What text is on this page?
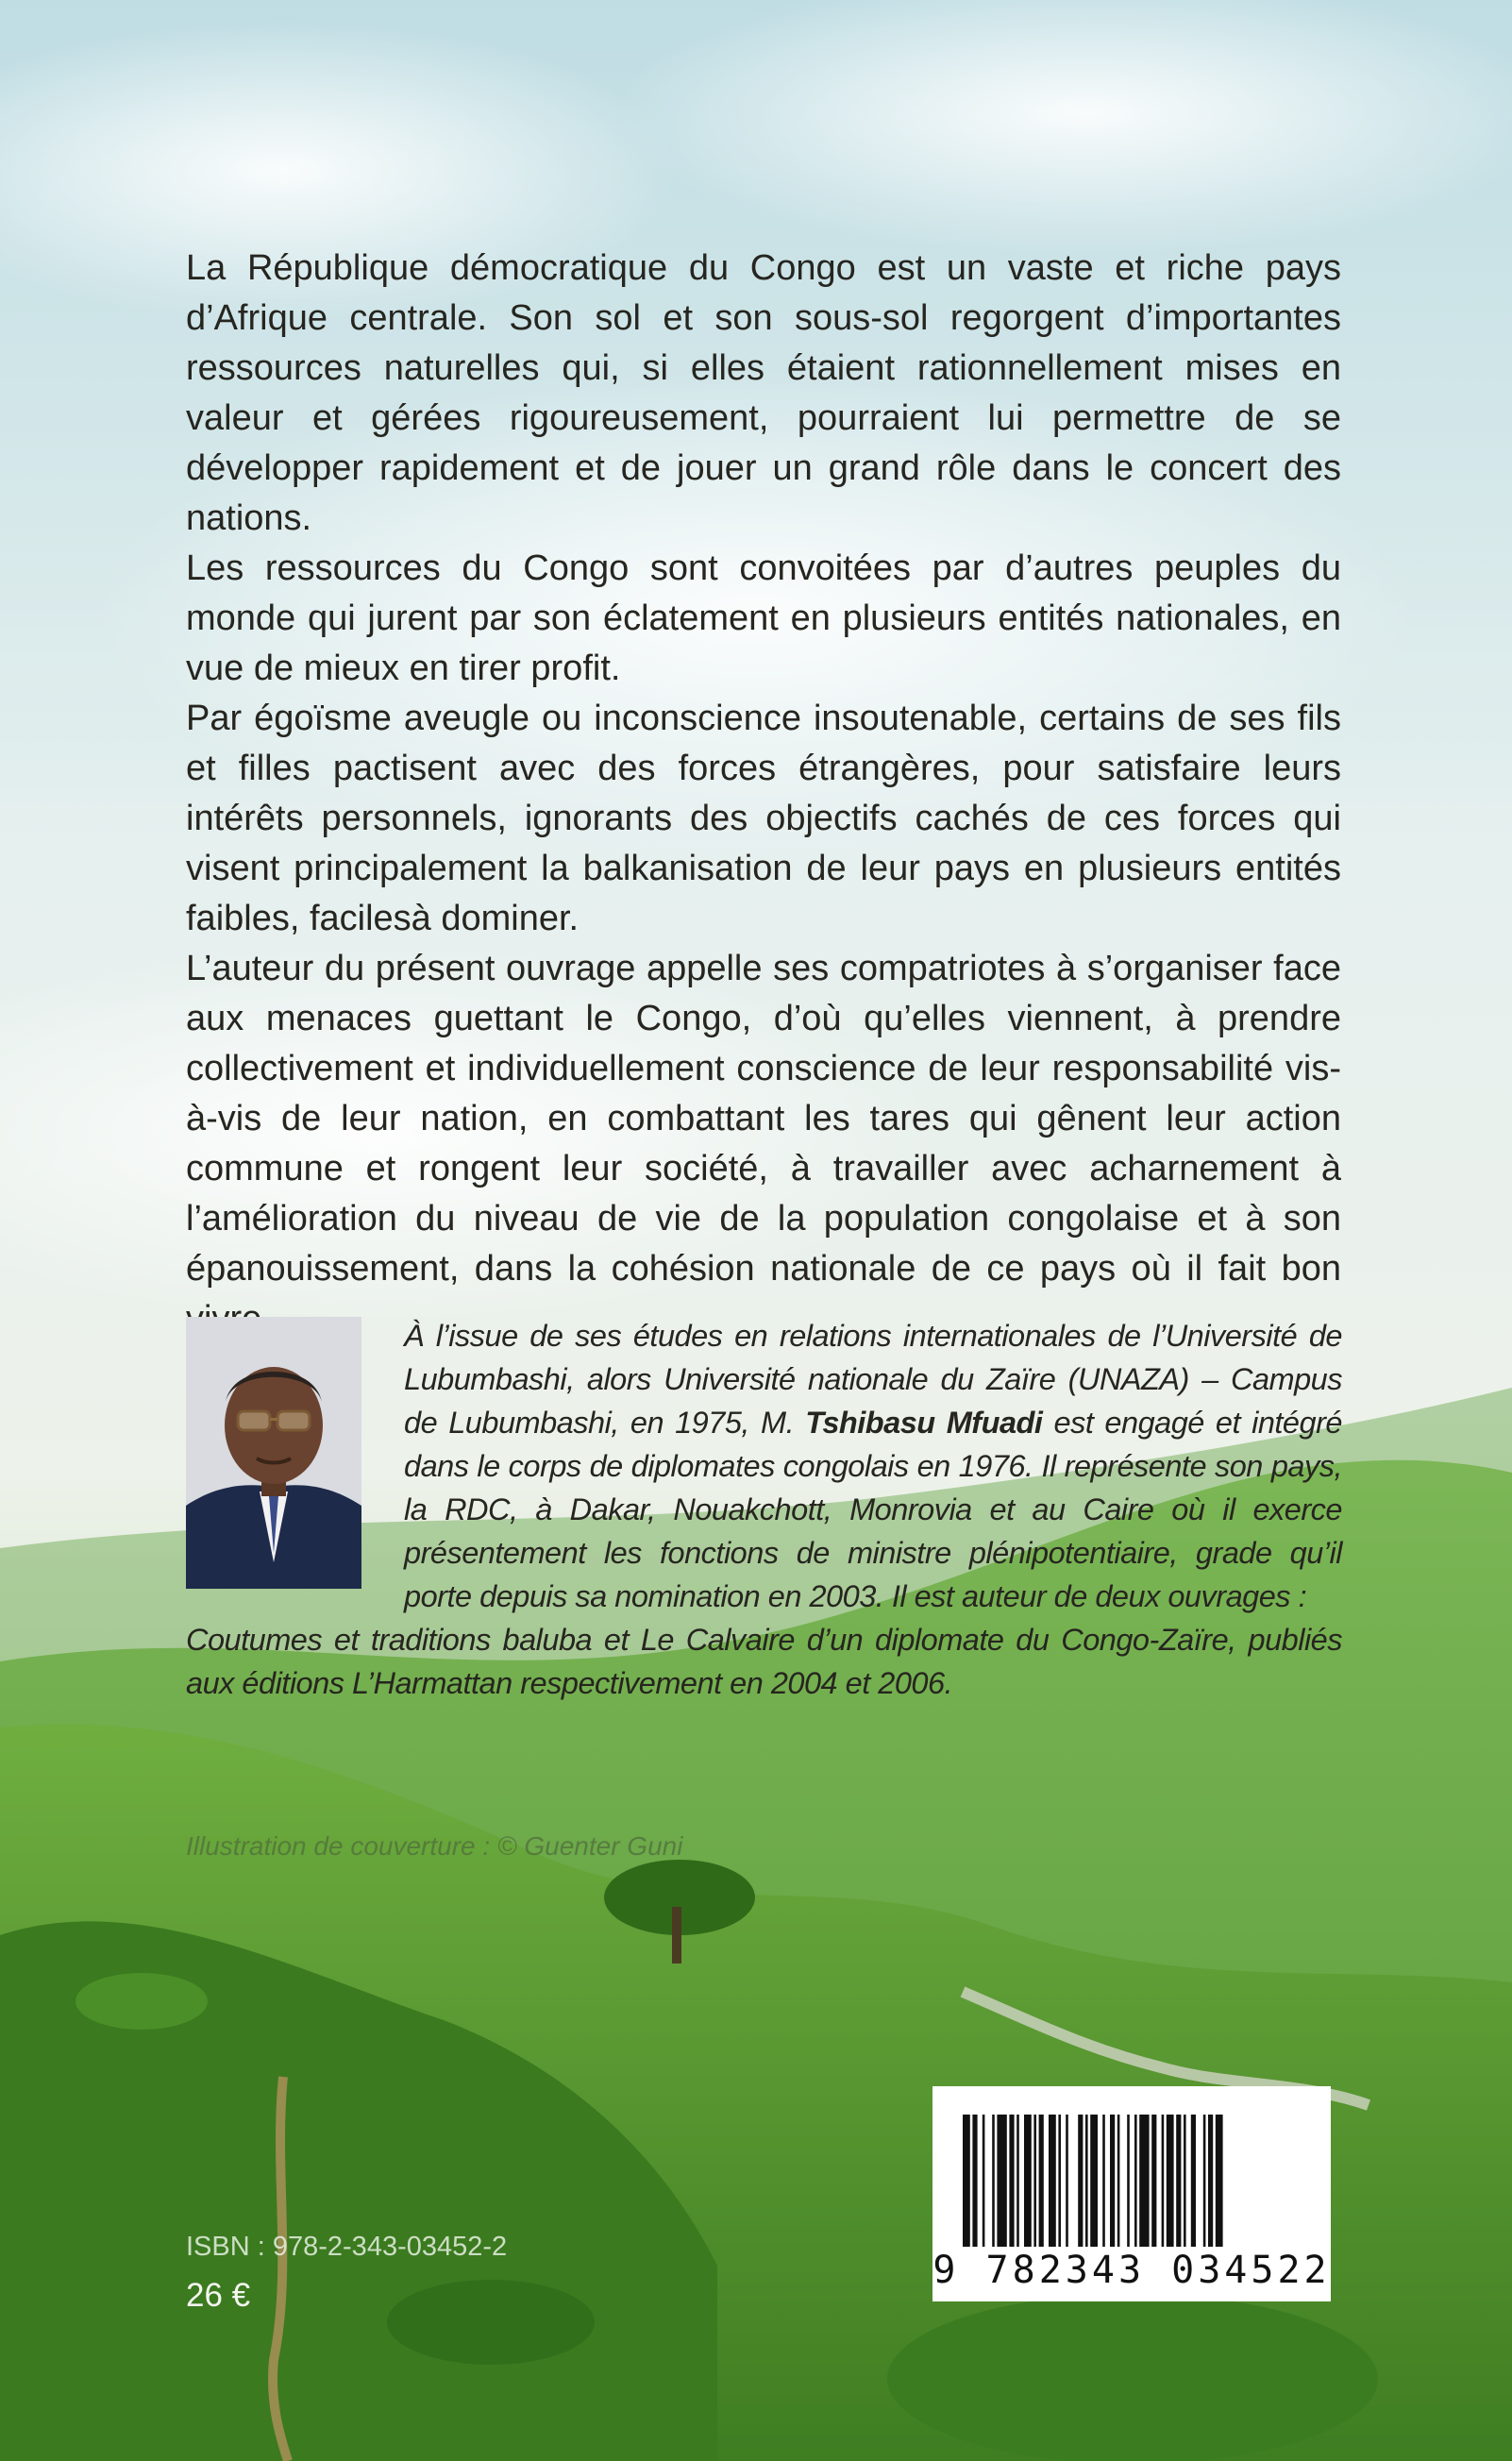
La République démocratique du Congo est un vaste et riche pays d’Afrique centrale. Son sol et son sous-sol regorgent d’importantes ressources naturelles qui, si elles étaient rationnellement mises en valeur et gérées rigoureusement, pourraient lui permettre de se développer rapidement et de jouer un grand rôle dans le concert des nations.

Les ressources du Congo sont convoitées par d’autres peuples du monde qui jurent par son éclatement en plusieurs entités nationales, en vue de mieux en tirer profit.

Par égoïsme aveugle ou inconscience insoutenable, certains de ses fils et filles pactisent avec des forces étrangères, pour satisfaire leurs intérêts personnels, ignorants des objectifs cachés de ces forces qui visent principalement la balkanisation de leur pays en plusieurs entités faibles, facilesà dominer.

L’auteur du présent ouvrage appelle ses compatriotes à s’organiser face aux menaces guettant le Congo, d’où qu’elles viennent, à prendre collectivement et individuellement conscience de leur responsabilité vis-à-vis de leur nation, en combattant les tares qui gênent leur action commune et rongent leur société, à travailler avec acharnement à l’amélioration du niveau de vie de la population congolaise et à son épanouissement, dans la cohésion nationale de ce pays où il fait bon

À l’issue de ses études en relations internationales de l’Université de Lubumbashi, alors Université nationale du Zaïre (UNAZA) – Campus de Lubumbashi, en 1975, M. Tshibasu Mfuadi est engagé et intégré dans le corps de diplomates congolais en 1976. Il représente son pays, la RDC, à Dakar, Nouakchott, Monrovia et au Caire où il exerce présentement les fonctions de ministre plénipotentiaire, grade qu’il porte depuis sa nomination en 2003. Il est auteur de deux ouvrages :

Coutumes et traditions baluba et Le Calvaire d’un diplomate du Congo-Zaïre, publiés aux éditions L’Harmattan respectivement en 2004 et 2006.

Illustration de couverture : © Guenter Guni
9 782343 034522
ISBN : 978-2-343-03452-2
26 €
